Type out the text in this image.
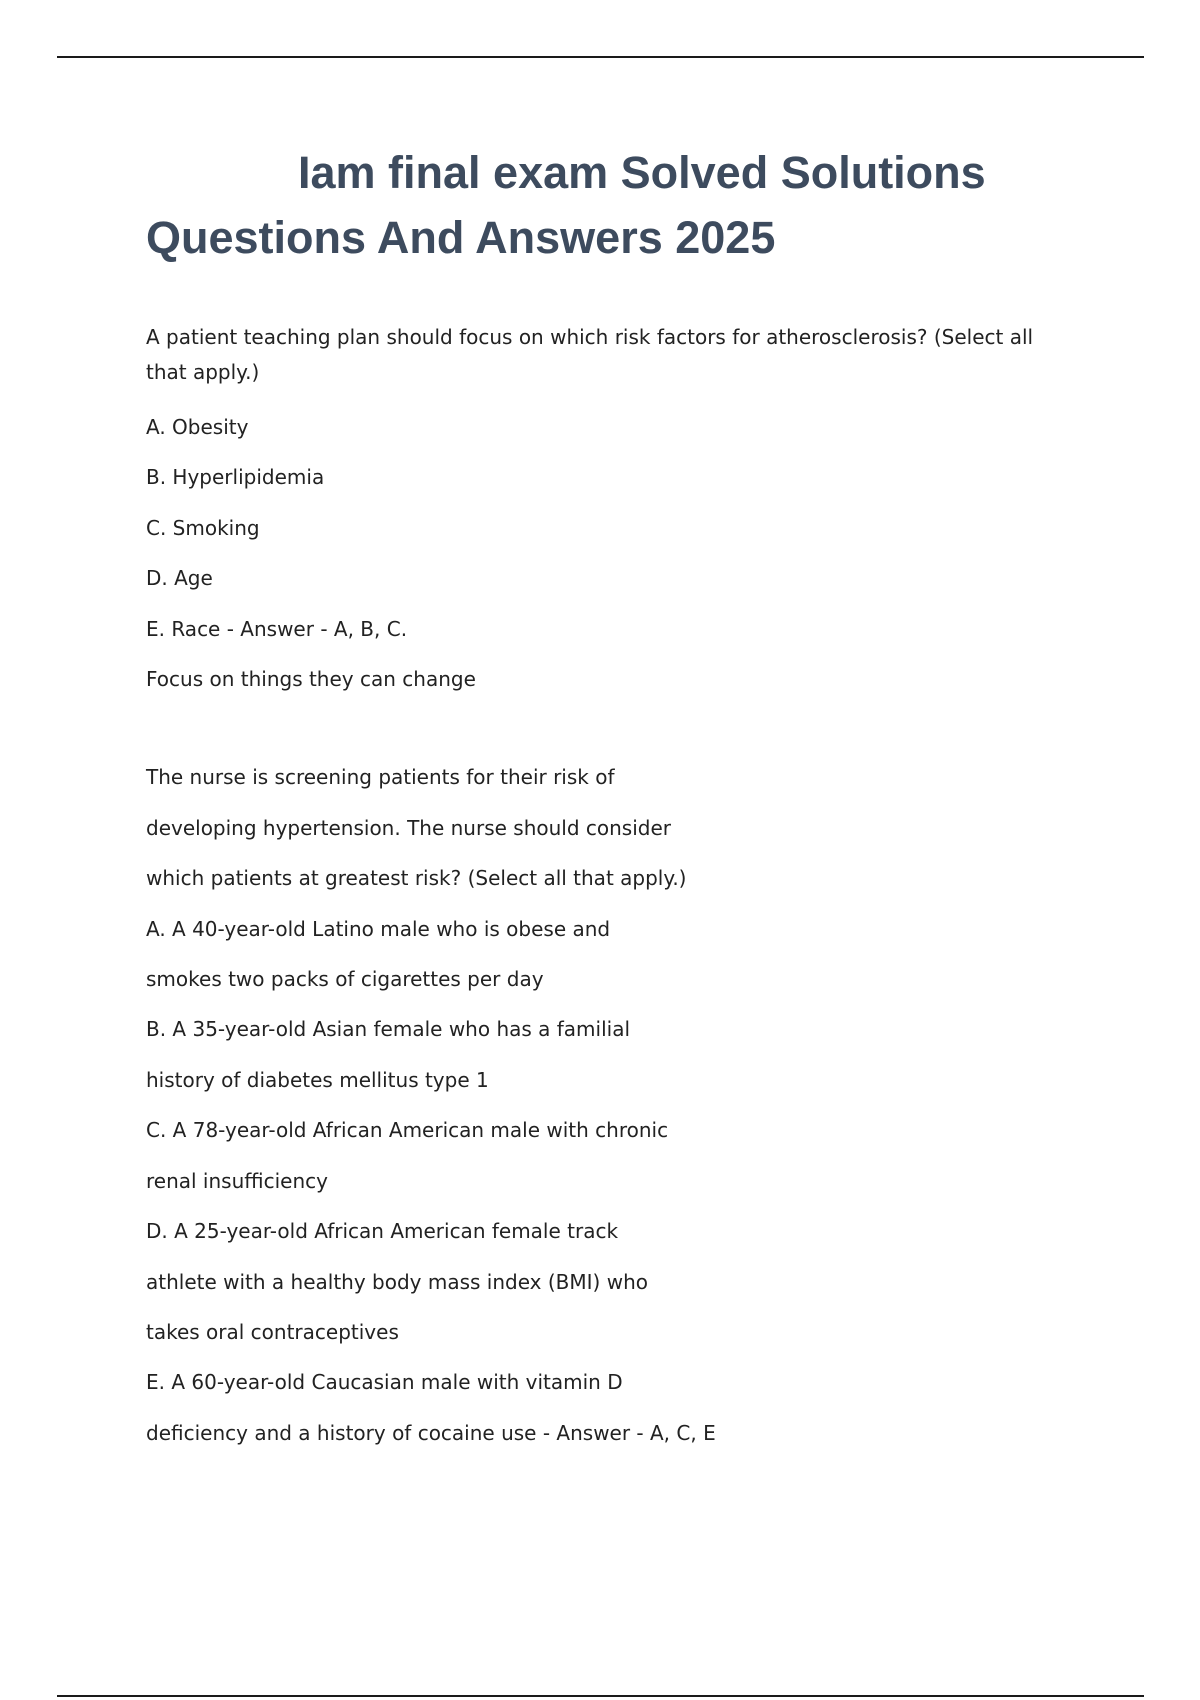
Iam final exam Solved Solutions
Questions And Answers 2025

A patient teaching plan should focus on which risk factors for atherosclerosis? (Select all that apply.)

A. Obesity

B. Hyperlipidemia

C. Smoking

D. Age

E. Race - Answer - A, B, C.

Focus on things they can change

The nurse is screening patients for their risk of

developing hypertension. The nurse should consider

which patients at greatest risk? (Select all that apply.)

A. A 40-year-old Latino male who is obese and

smokes two packs of cigarettes per day

B. A 35-year-old Asian female who has a familial

history of diabetes mellitus type 1

C. A 78-year-old African American male with chronic

renal insufficiency

D. A 25-year-old African American female track

athlete with a healthy body mass index (BMI) who

takes oral contraceptives

E. A 60-year-old Caucasian male with vitamin D

deficiency and a history of cocaine use - Answer - A, C, E
